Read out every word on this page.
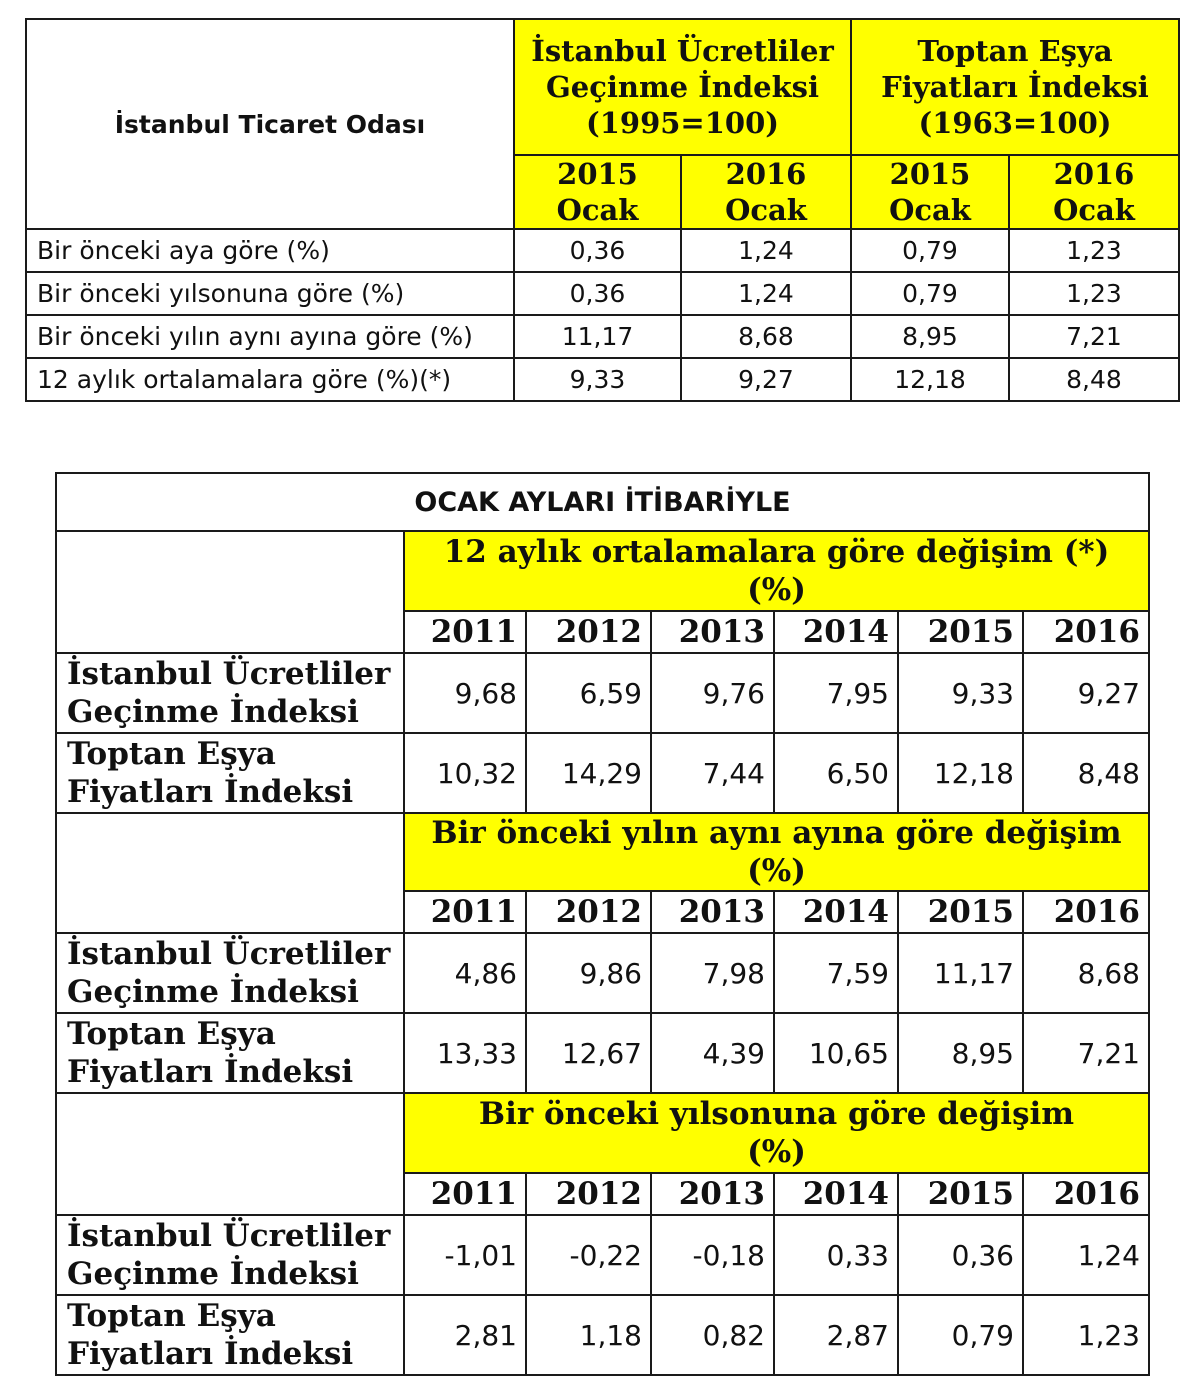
İstanbul Ticaret Odası	İstanbul Ücretliler
Geçinme İndeksi
(1995=100)		Toptan Eşya
Fiyatları İndeksi
(1963=100)	
	2015
Ocak	2016
Ocak	2015
Ocak	2016
Ocak
Bir önceki aya göre (%)	0,36	1,24	0,79	1,23
Bir önceki yılsonuna göre (%)	0,36	1,24	0,79	1,23
Bir önceki yılın aynı ayına göre (%)	11,17	8,68	8,95	7,21
12 aylık ortalamalara göre (%)(*)	9,33	9,27	12,18	8,48
OCAK AYLARI İTİBARİYLE						
	12 aylık ortalamalara göre değişim (*)
(%)					
	2011	2012	2013	2014	2015	2016
İstanbul Ücretliler
Geçinme İndeksi	9,68	6,59	9,76	7,95	9,33	9,27
Toptan Eşya
Fiyatları İndeksi	10,32	14,29	7,44	6,50	12,18	8,48
	Bir önceki yılın aynı ayına göre değişim (%)					
	2011	2012	2013	2014	2015	2016
İstanbul Ücretliler
Geçinme İndeksi	4,86	9,86	7,98	7,59	11,17	8,68
Toptan Eşya
Fiyatları İndeksi	13,33	12,67	4,39	10,65	8,95	7,21
	Bir önceki yılsonuna göre değişim
(%)					
	2011	2012	2013	2014	2015	2016
İstanbul Ücretliler
Geçinme İndeksi	-1,01	-0,22	-0,18	0,33	0,36	1,24
Toptan Eşya
Fiyatları İndeksi	2,81	1,18	0,82	2,87	0,79	1,23
